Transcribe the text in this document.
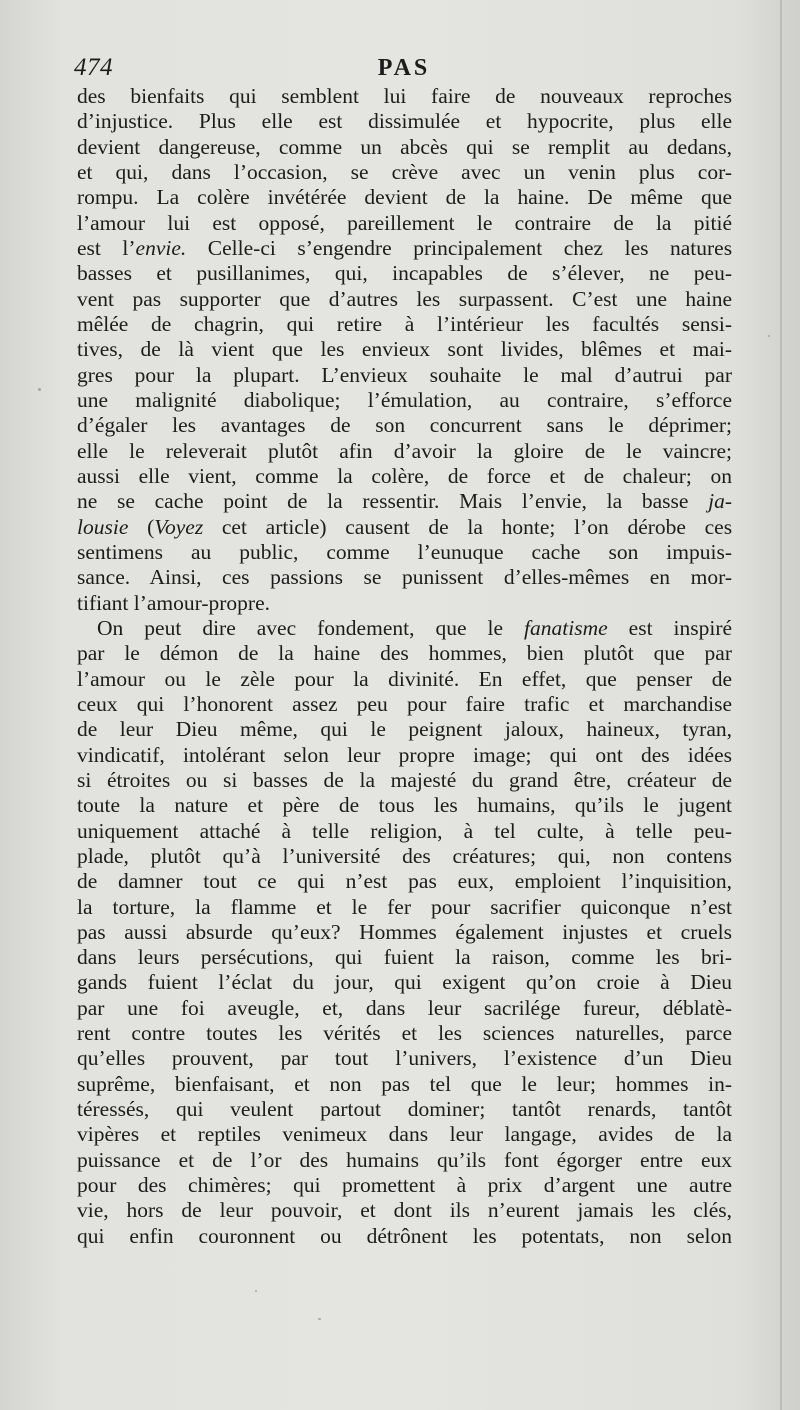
474	PAS
des bienfaits qui semblent lui faire de nouveaux reproches
d’injustice. Plus elle est dissimulée et hypocrite, plus elle
devient dangereuse, comme un abcès qui se remplit au dedans,
et qui, dans l’occasion, se crève avec un venin plus cor-
rompu. La colère invétérée devient de la haine. De même que
l’amour lui est opposé, pareillement le contraire de la pitié
est l’envie. Celle-ci s’engendre principalement chez les natures
basses et pusillanimes, qui, incapables de s’élever, ne peu-
vent pas supporter que d’autres les surpassent. C’est une haine
mêlée de chagrin, qui retire à l’intérieur les facultés sensi-
tives, de là vient que les envieux sont livides, blêmes et mai-
gres pour la plupart. L’envieux souhaite le mal d’autrui par
une malignité diabolique; l’émulation, au contraire, s’efforce
d’égaler les avantages de son concurrent sans le déprimer;
elle le releverait plutôt afin d’avoir la gloire de le vaincre;
aussi elle vient, comme la colère, de force et de chaleur; on
ne se cache point de la ressentir. Mais l’envie, la basse ja-
lousie (Voyez cet article) causent de la honte; l’on dérobe ces
sentimens au public, comme l’eunuque cache son impuis-
sance. Ainsi, ces passions se punissent d’elles-mêmes en mor-
tifiant l’amour-propre.
On peut dire avec fondement, que le fanatisme est inspiré
par le démon de la haine des hommes, bien plutôt que par
l’amour ou le zèle pour la divinité. En effet, que penser de
ceux qui l’honorent assez peu pour faire trafic et marchandise
de leur Dieu même, qui le peignent jaloux, haineux, tyran,
vindicatif, intolérant selon leur propre image; qui ont des idées
si étroites ou si basses de la majesté du grand être, créateur de
toute la nature et père de tous les humains, qu’ils le jugent
uniquement attaché à telle religion, à tel culte, à telle peu-
plade, plutôt qu’à l’université des créatures; qui, non contens
de damner tout ce qui n’est pas eux, emploient l’inquisition,
la torture, la flamme et le fer pour sacrifier quiconque n’est
pas aussi absurde qu’eux? Hommes également injustes et cruels
dans leurs persécutions, qui fuient la raison, comme les bri-
gands fuient l’éclat du jour, qui exigent qu’on croie à Dieu
par une foi aveugle, et, dans leur sacrilége fureur, déblatè-
rent contre toutes les vérités et les sciences naturelles, parce
qu’elles prouvent, par tout l’univers, l’existence d’un Dieu
suprême, bienfaisant, et non pas tel que le leur; hommes in-
téressés, qui veulent partout dominer; tantôt renards, tantôt
vipères et reptiles venimeux dans leur langage, avides de la
puissance et de l’or des humains qu’ils font égorger entre eux
pour des chimères; qui promettent à prix d’argent une autre
vie, hors de leur pouvoir, et dont ils n’eurent jamais les clés,
qui enfin couronnent ou détrônent les potentats, non selon
